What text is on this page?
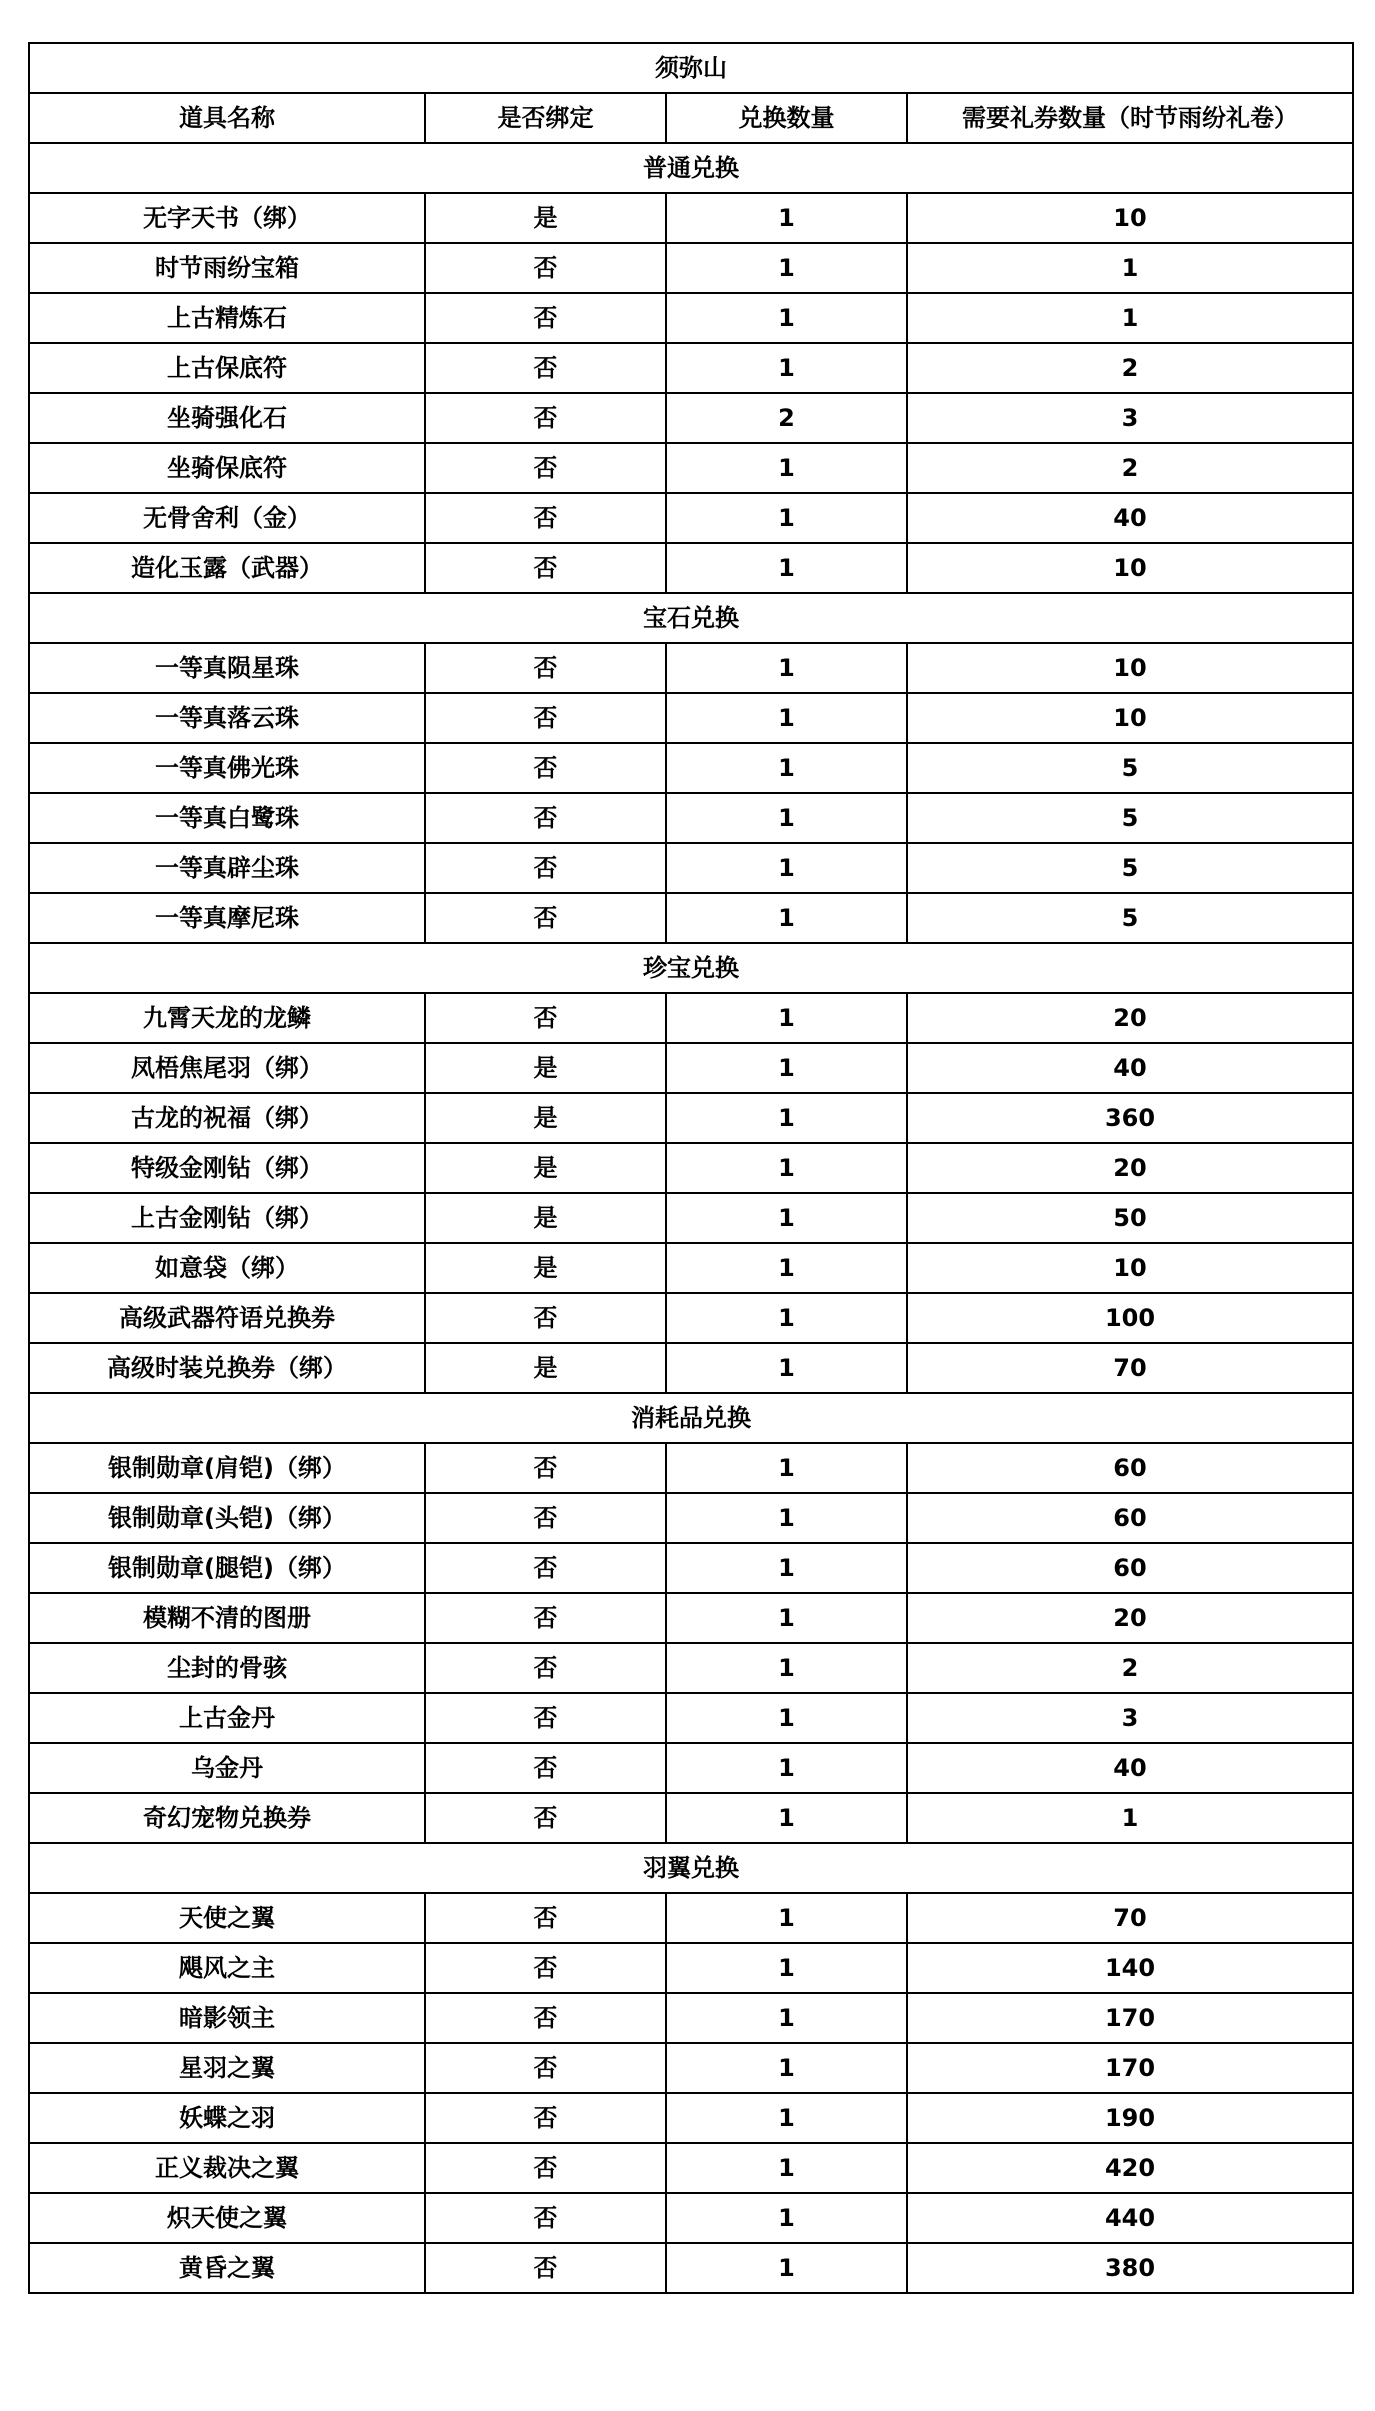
须弥山			
道具名称	是否绑定	兑换数量	需要礼券数量（时节雨纷礼卷）
普通兑换			
无字天书（绑）	是	1	10
时节雨纷宝箱	否	1	1
上古精炼石	否	1	1
上古保底符	否	1	2
坐骑强化石	否	2	3
坐骑保底符	否	1	2
无骨舍利（金）	否	1	40
造化玉露（武器）	否	1	10
宝石兑换			
一等真陨星珠	否	1	10
一等真落云珠	否	1	10
一等真佛光珠	否	1	5
一等真白鹭珠	否	1	5
一等真辟尘珠	否	1	5
一等真摩尼珠	否	1	5
珍宝兑换			
九霄天龙的龙鳞	否	1	20
凤梧焦尾羽（绑）	是	1	40
古龙的祝福（绑）	是	1	360
特级金刚钻（绑）	是	1	20
上古金刚钻（绑）	是	1	50
如意袋（绑）	是	1	10
高级武器符语兑换券	否	1	100
高级时装兑换券（绑）	是	1	70
消耗品兑换			
银制勋章(肩铠)（绑）	否	1	60
银制勋章(头铠)（绑）	否	1	60
银制勋章(腿铠)（绑）	否	1	60
模糊不清的图册	否	1	20
尘封的骨骇	否	1	2
上古金丹	否	1	3
乌金丹	否	1	40
奇幻宠物兑换券	否	1	1
羽翼兑换			
天使之翼	否	1	70
飓风之主	否	1	140
暗影领主	否	1	170
星羽之翼	否	1	170
妖蝶之羽	否	1	190
正义裁决之翼	否	1	420
炽天使之翼	否	1	440
黄昏之翼	否	1	380
